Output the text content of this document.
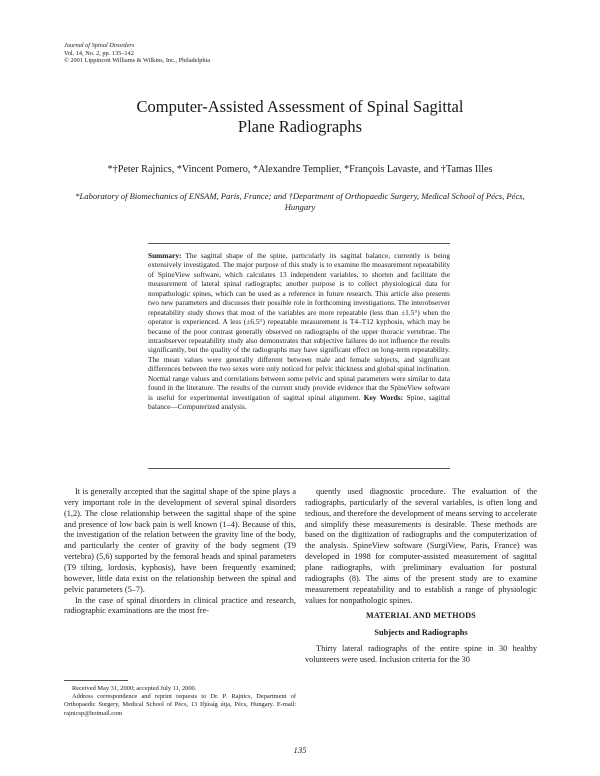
Journal of Spinal Disorders
Vol. 14, No. 2, pp. 135–142
© 2001 Lippincott Williams & Wilkins, Inc., Philadelphia
Computer-Assisted Assessment of Spinal Sagittal
Plane Radiographs
*†Peter Rajnics, *Vincent Pomero, *Alexandre Templier, *François Lavaste, and †Tamas Illes
*Laboratory of Biomechanics of ENSAM, Paris, France; and †Department of Orthopaedic Surgery, Medical School of Pécs, Pécs, Hungary
Summary: The sagittal shape of the spine, particularly its sagittal balance, currently is being extensively investigated. The major purpose of this study is to examine the measurement repeatability of SpineView software, which calculates 13 independent variables, to shorten and facilitate the measurement of lateral spinal radiographs; another purpose is to collect physiological data for nonpathologic spines, which can be used as a reference in future research. This article also presents two new parameters and discusses their possible role in forthcoming investigations. The interobserver repeatability study shows that most of the variables are more repeatable (less than ±1.5°) when the operator is experienced. A less (±6.5°) repeatable measurement is T4–T12 kyphosis, which may be because of the poor contrast generally observed on radiographs of the upper thoracic vertebrae. The intraobserver repeatability study also demonstrates that subjective failures do not influence the results significantly, but the quality of the radiographs may have significant effect on long-term repeatability. The mean values were generally different between male and female subjects, and significant differences between the two sexes were only noticed for pelvic thickness and global spinal inclination. Normal range values and correlations between some pelvic and spinal parameters were similar to data found in the literature. The results of the current study provide evidence that the SpineView software is useful for experimental investigation of sagittal spinal alignment. Key Words: Spine, sagittal balance—Computerized analysis.

It is generally accepted that the sagittal shape of the spine plays a very important role in the development of several spinal disorders (1,2). The close relationship between the sagittal shape of the spine and presence of low back pain is well known (1–4). Because of this, the investigation of the relation between the gravity line of the body, and particularly the center of gravity of the body segment (T9 vertebra) (5,6) supported by the femoral heads and spinal parameters (T9 tilting, lordosis, kyphosis), have been frequently examined; however, little data exist on the relationship between the spinal and pelvic parameters (5–7).

In the case of spinal disorders in clinical practice and research, radiographic examinations are the most fre-

Received May 31, 2000; accepted July 11, 2000.

Address correspondence and reprint requests to Dr. P. Rajnics, Department of Orthopaedic Surgery, Medical School of Pécs, 13 Ifjúság útja, Pécs, Hungary. E-mail: rajnicsp@hotmail.com

quently used diagnostic procedure. The evaluation of the radiographs, particularly of the several variables, is often long and tedious, and therefore the development of means serving to accelerate and simplify these measurements is desirable. These methods are based on the digitization of radiographs and the computerization of the analysis. SpineView software (SurgiView, Paris, France) was developed in 1998 for computer-assisted measurement of sagittal plane radiographs, with preliminary evaluation for postural radiographs (8). The aims of the present study are to examine measurement repeatability and to establish a range of physiologic values for nonpathologic spines.

MATERIAL AND METHODS

Subjects and Radiographs

Thirty lateral radiographs of the entire spine in 30 healthy volunteers were used. Inclusion criteria for the 30

135
